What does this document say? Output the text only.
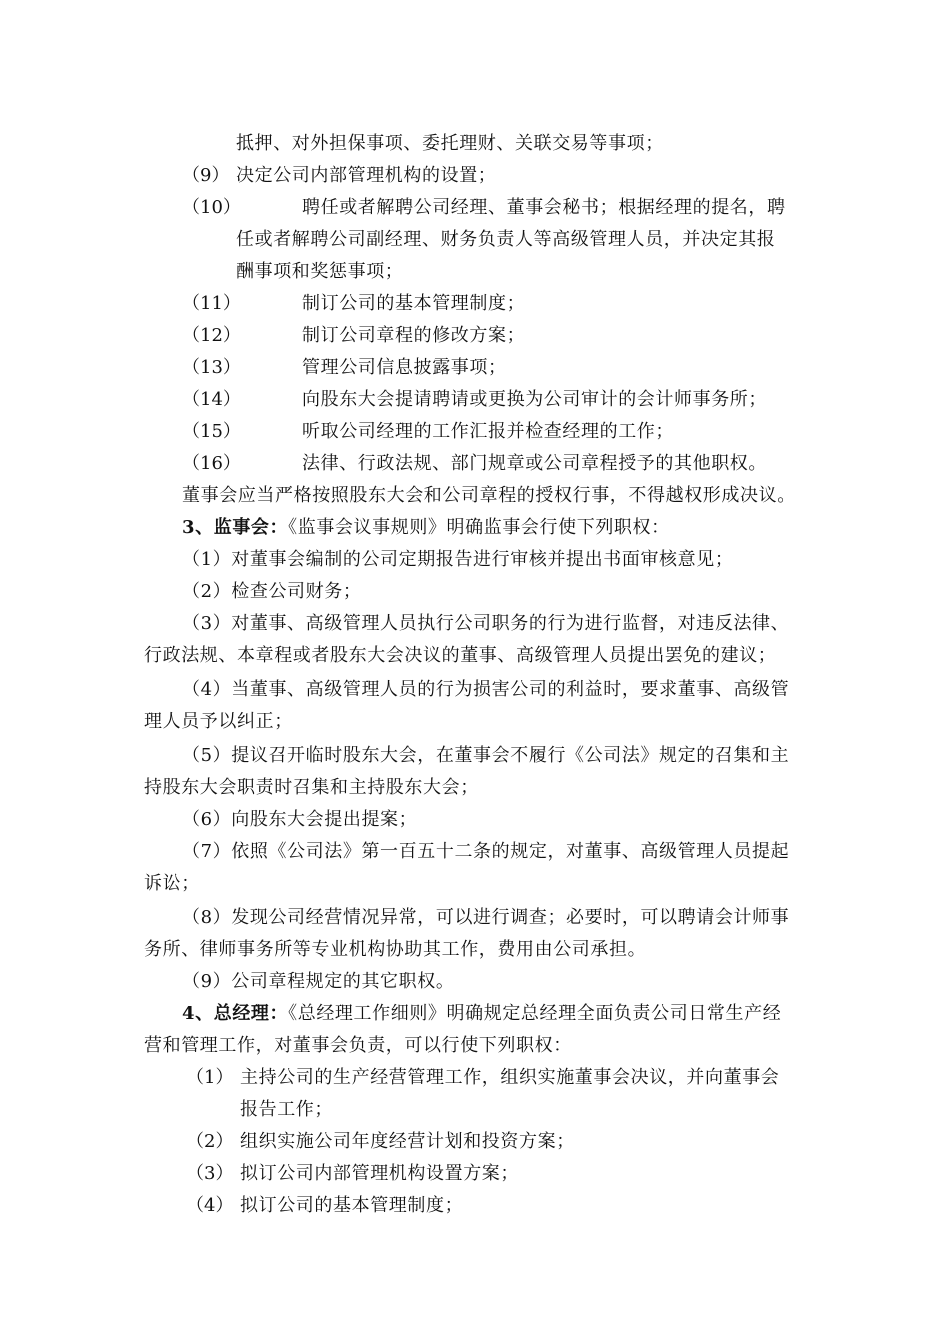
抵押、对外担保事项、委托理财、关联交易等事项；
（9） 决定公司内部管理机构的设置；
（10）	聘任或者解聘公司经理、董事会秘书；根据经理的提名，聘
任或者解聘公司副经理、财务负责人等高级管理人员，并决定其报
酬事项和奖惩事项；
（11）	制订公司的基本管理制度；
（12）	制订公司章程的修改方案；
（13）	管理公司信息披露事项；
（14）	向股东大会提请聘请或更换为公司审计的会计师事务所；
（15）	听取公司经理的工作汇报并检查经理的工作；
（16）	法律、行政法规、部门规章或公司章程授予的其他职权。
董事会应当严格按照股东大会和公司章程的授权行事，不得越权形成决议。
3、监事会：《监事会议事规则》明确监事会行使下列职权：
（1）对董事会编制的公司定期报告进行审核并提出书面审核意见；
（2）检查公司财务；
（3）对董事、高级管理人员执行公司职务的行为进行监督，对违反法律、
行政法规、本章程或者股东大会决议的董事、高级管理人员提出罢免的建议；
（4）当董事、高级管理人员的行为损害公司的利益时，要求董事、高级管
理人员予以纠正；
（5）提议召开临时股东大会，在董事会不履行《公司法》规定的召集和主
持股东大会职责时召集和主持股东大会；
（6）向股东大会提出提案；
（7）依照《公司法》第一百五十二条的规定，对董事、高级管理人员提起
诉讼；
（8）发现公司经营情况异常，可以进行调查；必要时，可以聘请会计师事
务所、律师事务所等专业机构协助其工作，费用由公司承担。
（9）公司章程规定的其它职权。
4、总经理：《总经理工作细则》明确规定总经理全面负责公司日常生产经
营和管理工作，对董事会负责，可以行使下列职权：
（1） 主持公司的生产经营管理工作，组织实施董事会决议，并向董事会
报告工作；
（2） 组织实施公司年度经营计划和投资方案；
（3） 拟订公司内部管理机构设置方案；
（4） 拟订公司的基本管理制度；
